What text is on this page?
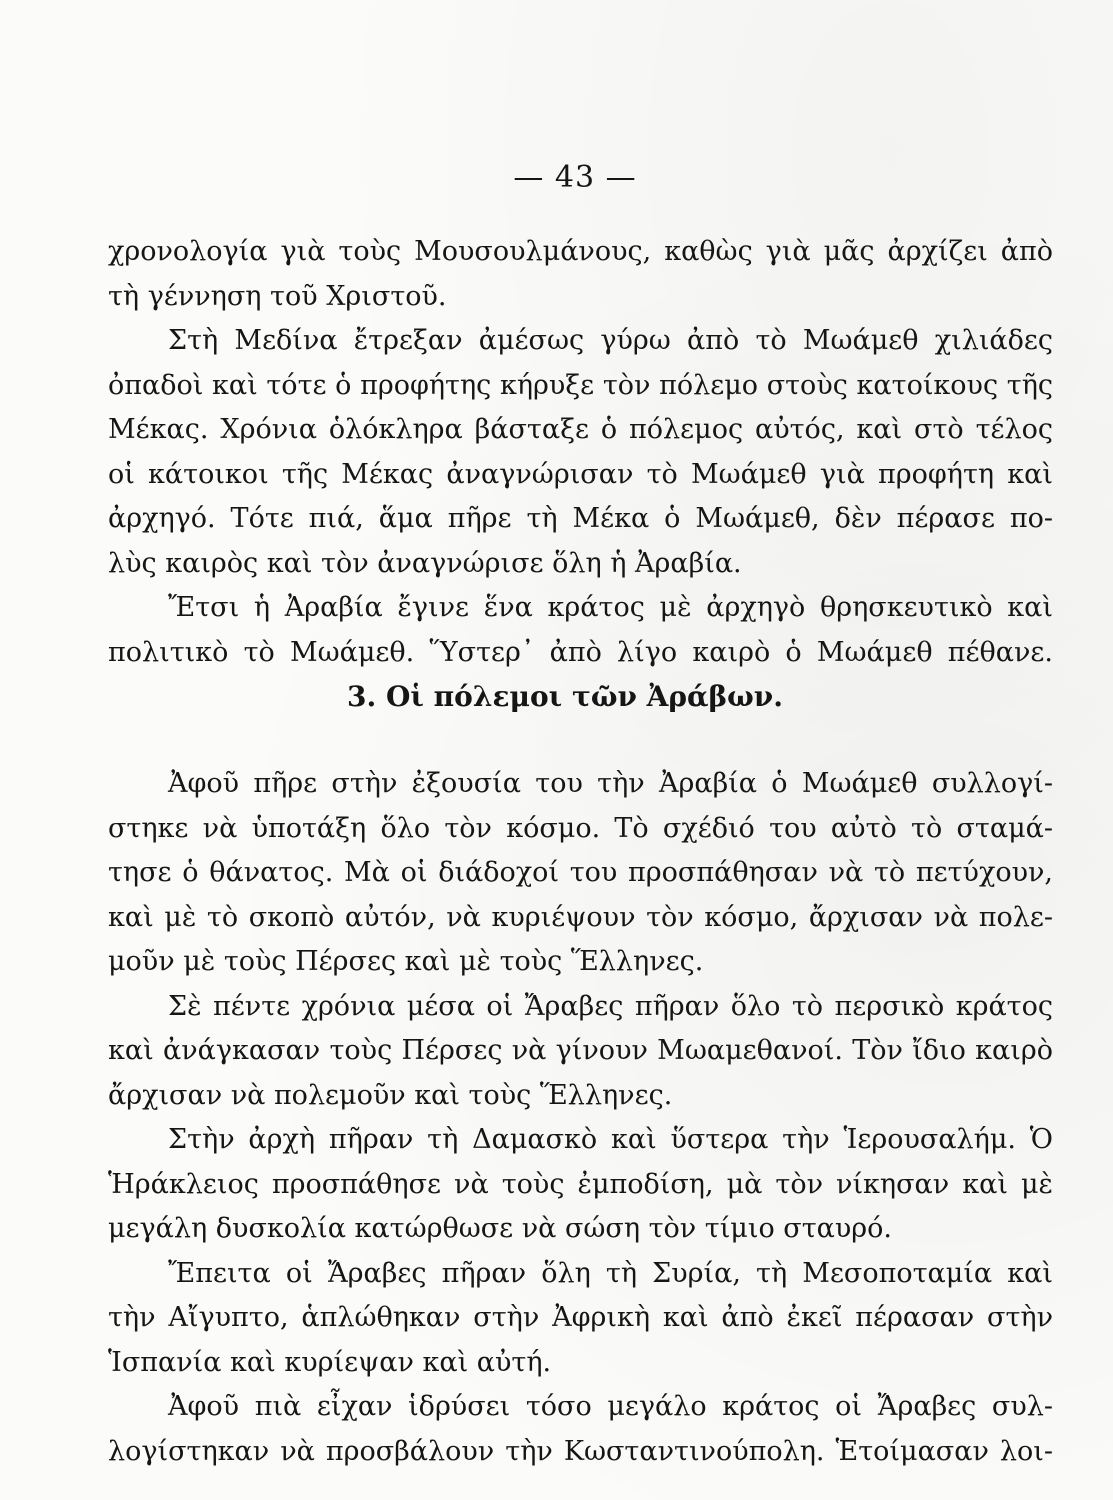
— 43 —
χρονολογία γιὰ τοὺς Μουσουλμάνους, καθὼς γιὰ μᾶς ἀρχίζει ἀπὸ
τὴ γέννηση τοῦ Χριστοῦ.
Στὴ Μεδίνα ἔτρεξαν ἀμέσως γύρω ἀπὸ τὸ Μωάμεθ χιλιάδες
ὀπαδοὶ καὶ τότε ὁ προφήτης κήρυξε τὸν πόλεμο στοὺς κατοίκους τῆς
Μέκας. Χρόνια ὁλόκληρα βάσταξε ὁ πόλεμος αὐτός, καὶ στὸ τέλος
οἱ κάτοικοι τῆς Μέκας ἀναγνώρισαν τὸ Μωάμεθ γιὰ προφήτη καὶ
ἀρχηγό. Τότε πιά, ἅμα πῆρε τὴ Μέκα ὁ Μωάμεθ, δὲν πέρασε πο-
λὺς καιρὸς καὶ τὸν ἀναγνώρισε ὅλη ἡ Ἀραβία.
Ἔτσι ἡ Ἀραβία ἔγινε ἕνα κράτος μὲ ἀρχηγὸ θρησκευτικὸ καὶ
πολιτικὸ τὸ Μωάμεθ. Ὕστερ᾽ ἀπὸ λίγο καιρὸ ὁ Μωάμεθ πέθανε.
3. Οἱ πόλεμοι τῶν Ἀράβων.
Ἀφοῦ πῆρε στὴν ἐξουσία του τὴν Ἀραβία ὁ Μωάμεθ συλλογί-
στηκε νὰ ὑποτάξη ὅλο τὸν κόσμο. Τὸ σχέδιό του αὐτὸ τὸ σταμά-
τησε ὁ θάνατος. Μὰ οἱ διάδοχοί του προσπάθησαν νὰ τὸ πετύχουν,
καὶ μὲ τὸ σκοπὸ αὐτόν, νὰ κυριέψουν τὸν κόσμο, ἄρχισαν νὰ πολε-
μοῦν μὲ τοὺς Πέρσες καὶ μὲ τοὺς Ἕλληνες.
Σὲ πέντε χρόνια μέσα οἱ Ἄραβες πῆραν ὅλο τὸ περσικὸ κράτος
καὶ ἀνάγκασαν τοὺς Πέρσες νὰ γίνουν Μωαμεθανοί. Τὸν ἴδιο καιρὸ
ἄρχισαν νὰ πολεμοῦν καὶ τοὺς Ἕλληνες.
Στὴν ἀρχὴ πῆραν τὴ Δαμασκὸ καὶ ὕστερα τὴν Ἱερουσαλήμ. Ὁ
Ἡράκλειος προσπάθησε νὰ τοὺς ἐμποδίση, μὰ τὸν νίκησαν καὶ μὲ
μεγάλη δυσκολία κατώρθωσε νὰ σώση τὸν τίμιο σταυρό.
Ἔπειτα οἱ Ἄραβες πῆραν ὅλη τὴ Συρία, τὴ Μεσοποταμία καὶ
τὴν Αἴγυπτο, ἁπλώθηκαν στὴν Ἀφρικὴ καὶ ἀπὸ ἐκεῖ πέρασαν στὴν
Ἱσπανία καὶ κυρίεψαν καὶ αὐτή.
Ἀφοῦ πιὰ εἶχαν ἱδρύσει τόσο μεγάλο κράτος οἱ Ἄραβες συλ-
λογίστηκαν νὰ προσβάλουν τὴν Κωσταντινούπολη. Ἑτοίμασαν λοι-
